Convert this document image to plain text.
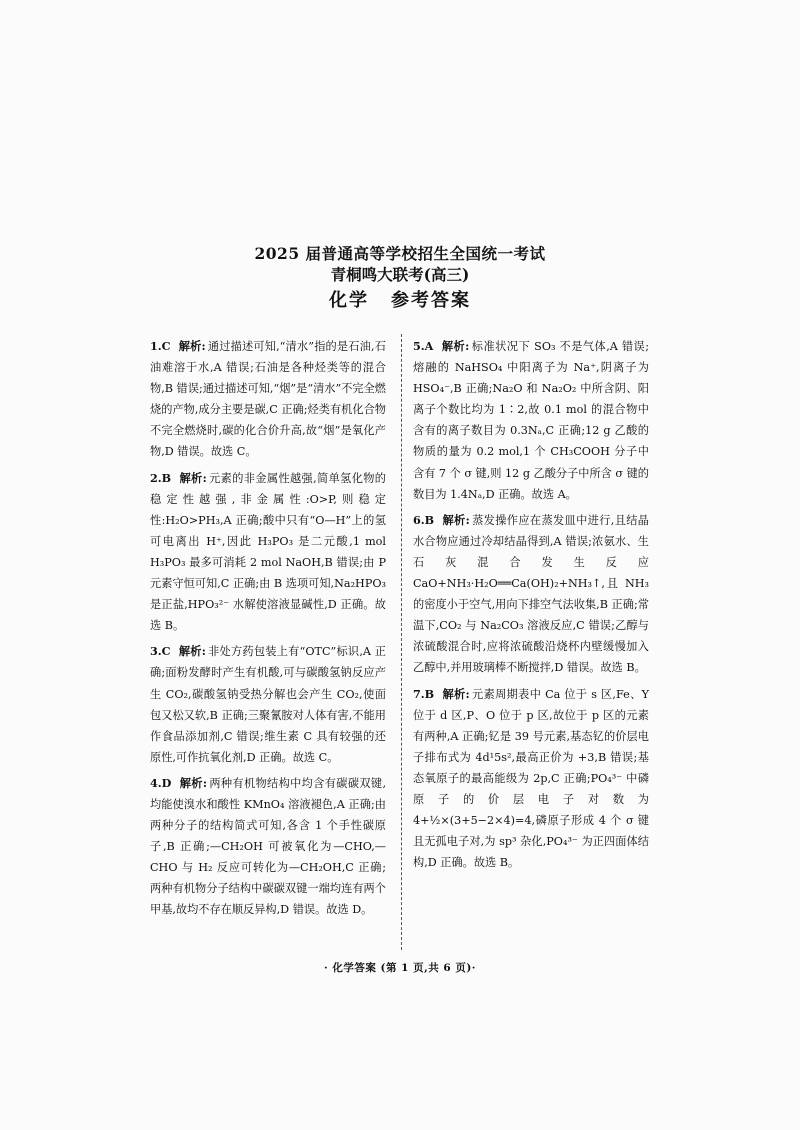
2025 届普通高等学校招生全国统一考试
青桐鸣大联考(高三)
化学 参考答案
1.C 解析: 通过描述可知,“清水”指的是石油,石油难溶于水,A 错误;石油是各种烃类等的混合物,B 错误;通过描述可知,“烟”是“清水”不完全燃烧的产物,成分主要是碳,C 正确;烃类有机化合物不完全燃烧时,碳的化合价升高,故“烟”是氧化产物,D 错误。故选 C。
2.B 解析: 元素的非金属性越强,简单氢化物的稳定性越强,非金属性:O>P,则稳定性:H₂O>PH₃,A 正确;酸中只有“O—H”上的氢可电离出 H⁺,因此 H₃PO₃ 是二元酸,1 mol H₃PO₃ 最多可消耗 2 mol NaOH,B 错误;由 P 元素守恒可知,C 正确;由 B 选项可知,Na₂HPO₃ 是正盐,HPO₃²⁻ 水解使溶液显碱性,D 正确。故选 B。
3.C 解析: 非处方药包装上有“OTC”标识,A 正确;面粉发酵时产生有机酸,可与碳酸氢钠反应产生 CO₂,碳酸氢钠受热分解也会产生 CO₂,使面包又松又软,B 正确;三聚氰胺对人体有害,不能用作食品添加剂,C 错误;维生素 C 具有较强的还原性,可作抗氧化剂,D 正确。故选 C。
4.D 解析: 两种有机物结构中均含有碳碳双键,均能使溴水和酸性 KMnO₄ 溶液褪色,A 正确;由两种分子的结构简式可知,各含 1 个手性碳原子,B 正确;—CH₂OH 可被氧化为—CHO,—CHO 与 H₂ 反应可转化为—CH₂OH,C 正确;两种有机物分子结构中碳碳双键一端均连有两个甲基,故均不存在顺反异构,D 错误。故选 D。
5.A 解析: 标准状况下 SO₃ 不是气体,A 错误;熔融的 NaHSO₄ 中阳离子为 Na⁺,阴离子为 HSO₄⁻,B 正确;Na₂O 和 Na₂O₂ 中所含阴、阳离子个数比均为 1∶2,故 0.1 mol 的混合物中含有的离子数目为 0.3Nₐ,C 正确;12 g 乙酸的物质的量为 0.2 mol,1 个 CH₃COOH 分子中含有 7 个 σ 键,则 12 g 乙酸分子中所含 σ 键的数目为 1.4Nₐ,D 正确。故选 A。
6.B 解析: 蒸发操作应在蒸发皿中进行,且结晶水合物应通过冷却结晶得到,A 错误;浓氨水、生石灰混合发生反应 CaO+NH₃·H₂O══Ca(OH)₂+NH₃↑,且 NH₃ 的密度小于空气,用向下排空气法收集,B 正确;常温下,CO₂ 与 Na₂CO₃ 溶液反应,C 错误;乙醇与浓硫酸混合时,应将浓硫酸沿烧杯内壁缓慢加入乙醇中,并用玻璃棒不断搅拌,D 错误。故选 B。
7.B 解析: 元素周期表中 Ca 位于 s 区,Fe、Y 位于 d 区,P、O 位于 p 区,故位于 p 区的元素有两种,A 正确;钇是 39 号元素,基态钇的价层电子排布式为 4d¹5s²,最高正价为 +3,B 错误;基态氧原子的最高能级为 2p,C 正确;PO₄³⁻ 中磷原子的价层电子对数为 4+½×(3+5−2×4)=4,磷原子形成 4 个 σ 键且无孤电子对,为 sp³ 杂化,PO₄³⁻ 为正四面体结构,D 正确。故选 B。
· 化学答案 (第 1 页,共 6 页)·
